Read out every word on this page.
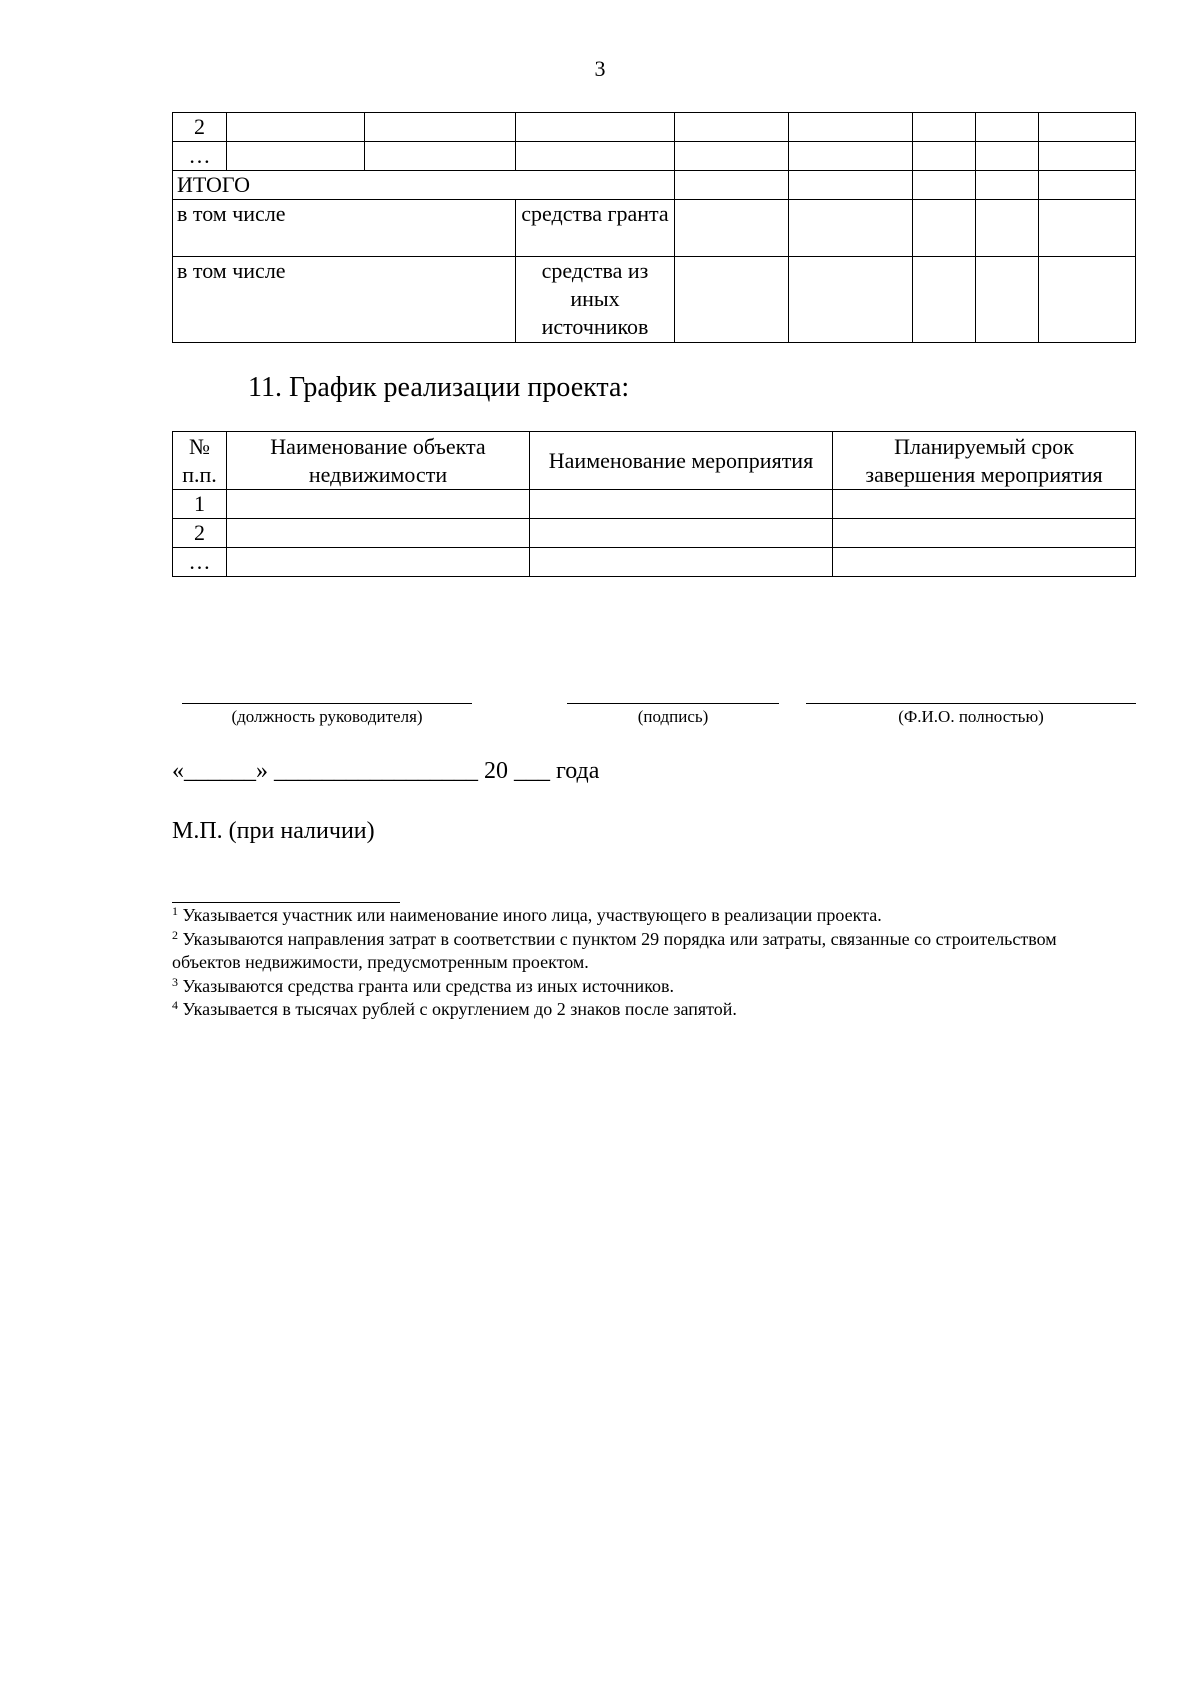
3
2								
…								
ИТОГО								
в том числе			средства гранта					
в том числе			средства из иных источников					
11. График реализации проекта:
№ п.п.	Наименование объекта недвижимости	Наименование мероприятия	Планируемый срок завершения мероприятия
1			
2			
…			
(должность руководителя)	(подпись)	(Ф.И.О. полностью)
«______» _________________ 20 ___ года
М.П. (при наличии)

$^1$ Указывается участник или наименование иного лица, участвующего в реализации проекта.

$^2$ Указываются направления затрат в соответствии с пунктом 29 порядка или затраты, связанные со строительством объектов недвижимости, предусмотренным проектом.

$^3$ Указываются средства гранта или средства из иных источников.

$^4$ Указывается в тысячах рублей с округлением до 2 знаков после запятой.
